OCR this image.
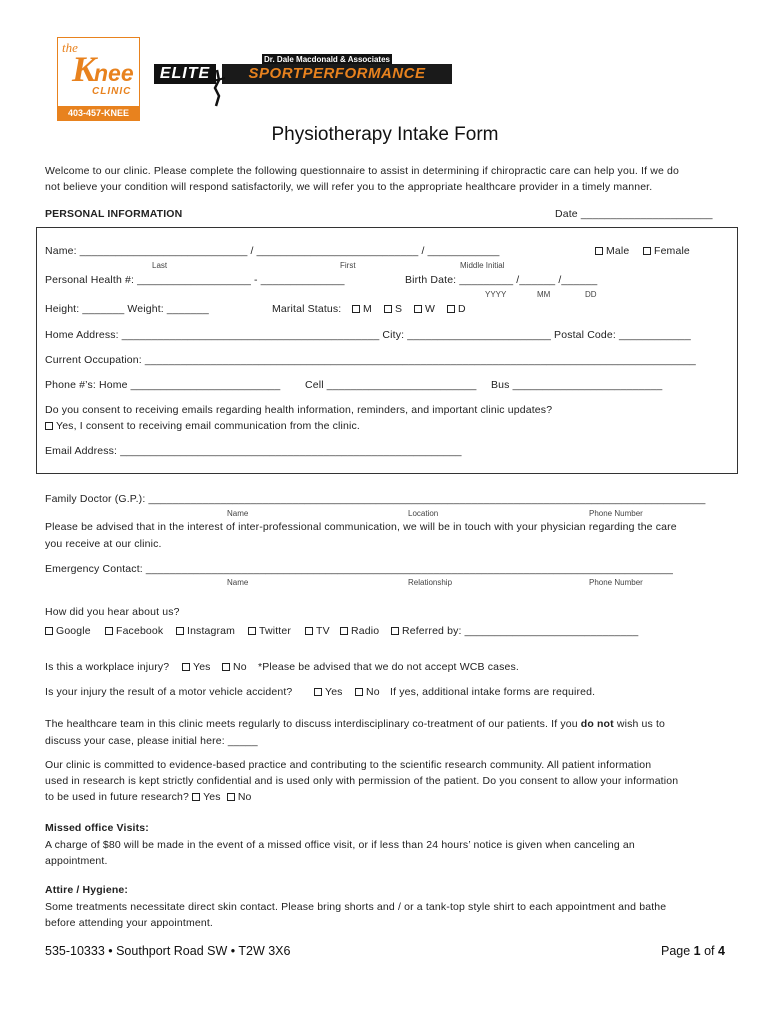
the
K
nee
CLINIC
403-457-KNEE
Dr. Dale Macdonald & Associates
ELITE	SPORTPERFORMANCE
Physiotherapy Intake Form
Welcome to our clinic. Please complete the following questionnaire to assist in determining if chiropractic care can help you. If we do
not believe your condition will respond satisfactorily, we will refer you to the appropriate healthcare provider in a timely manner.
PERSONAL INFORMATION	Date ______________________
Name: ____________________________ / ___________________________ / ____________	Male	Female
Last	First	Middle Initial
Personal Health #: ___________________ - ______________	Birth Date: _________ /______ /______
YYYY	MM	DD
Height: _______ Weight: _______	Marital Status:	M	S	W	D
Home Address: ___________________________________________ City: ________________________ Postal Code: ____________
Current Occupation: ____________________________________________________________________________________________
Phone #’s: Home _________________________ Cell _________________________ Bus _________________________
Do you consent to receiving emails regarding health information, reminders, and important clinic updates?
Yes, I consent to receiving email communication from the clinic.
Email Address: _________________________________________________________
Family Doctor (G.P.): _____________________________________________________________________________________________
Name	Location	Phone Number
Please be advised that in the interest of inter-professional communication, we will be in touch with your physician regarding the care
you receive at our clinic.
Emergency Contact: ________________________________________________________________________________________
Name	Relationship	Phone Number
How did you hear about us?
Google	Facebook	Instagram	Twitter	TV	Radio	Referred by: _____________________________
Is this a workplace injury?	Yes	No *Please be advised that we do not accept WCB cases.
Is your injury the result of a motor vehicle accident?	Yes	No If yes, additional intake forms are required.
The healthcare team in this clinic meets regularly to discuss interdisciplinary co-treatment of our patients. If you do not wish us to
discuss your case, please initial here: _____
Our clinic is committed to evidence-based practice and contributing to the scientific research community. All patient information
used in research is kept strictly confidential and is used only with permission of the patient. Do you consent to allow your information
to be used in future research? Yes No
Missed office Visits:
A charge of $80 will be made in the event of a missed office visit, or if less than 24 hours’ notice is given when canceling an
appointment.
Attire / Hygiene:
Some treatments necessitate direct skin contact. Please bring shorts and / or a tank-top style shirt to each appointment and bathe
before attending your appointment.
535-10333 • Southport Road SW • T2W 3X6	Page 1 of 4
